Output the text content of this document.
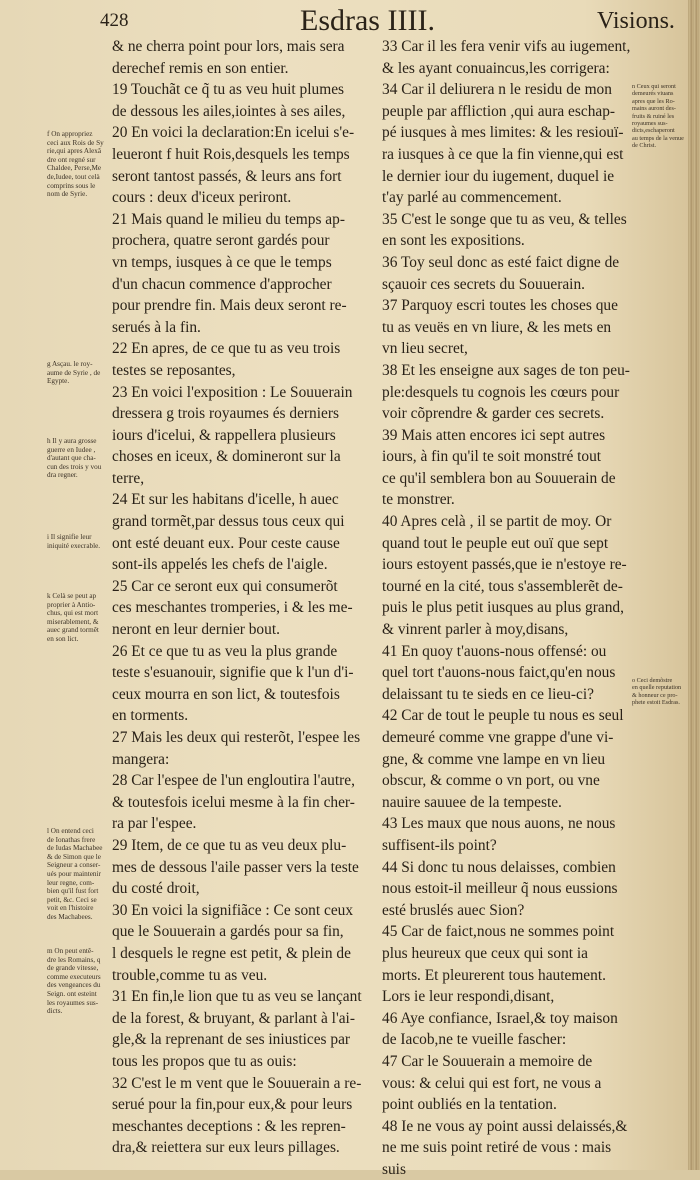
428	Esdras IIII.	Visions.
& ne cherra point pour lors, mais sera
derechef remis en son entier.
19 Touchãt ce q̃ tu as veu huit plumes
de dessous les ailes,iointes à ses ailes,
20 En voici la declaration:En icelui s'e-
leueront f huit Rois,desquels les temps
seront tantost passés, & leurs ans fort
cours : deux d'iceux periront.
21 Mais quand le milieu du temps ap-
prochera, quatre seront gardés pour
vn temps, iusques à ce que le temps
d'un chacun commence d'approcher
pour prendre fin. Mais deux seront re-
serués à la fin.
22 En apres, de ce que tu as veu trois
testes se reposantes,
23 En voici l'exposition : Le Souuerain
dressera g trois royaumes és derniers
iours d'icelui, & rappellera plusieurs
choses en iceux, & domineront sur la
terre,
24 Et sur les habitans d'icelle, h auec
grand tormẽt,par dessus tous ceux qui
ont esté deuant eux. Pour ceste cause
sont-ils appelés les chefs de l'aigle.
25 Car ce seront eux qui consumerõt
ces meschantes tromperies, i & les me-
neront en leur dernier bout.
26 Et ce que tu as veu la plus grande
teste s'esuanouir, signifie que k l'un d'i-
ceux mourra en son lict, & toutesfois
en torments.
27 Mais les deux qui resterõt, l'espee les
mangera:
28 Car l'espee de l'un engloutira l'autre,
& toutesfois icelui mesme à la fin cher-
ra par l'espee.
29 Item, de ce que tu as veu deux plu-
mes de dessous l'aile passer vers la teste
du costé droit,
30 En voici la signifiãce : Ce sont ceux
que le Souuerain a gardés pour sa fin,
l desquels le regne est petit, & plein de
trouble,comme tu as veu.
31 En fin,le lion que tu as veu se lançant
de la forest, & bruyant, & parlant à l'ai-
gle,& la reprenant de ses iniustices par
tous les propos que tu as ouis:
32 C'est le m vent que le Souuerain a re-
serué pour la fin,pour eux,& pour leurs
meschantes deceptions : & les repren-
dra,& reiettera sur eux leurs pillages.
33 Car il les fera venir vifs au iugement,
& les ayant conuaincus,les corrigera:
34 Car il deliurera n le residu de mon
peuple par affliction ,qui aura eschap-
pé iusques à mes limites: & les resiouï-
ra iusques à ce que la fin vienne,qui est
le dernier iour du iugement, duquel ie
t'ay parlé au commencement.
35 C'est le songe que tu as veu, & telles
en sont les expositions.
36 Toy seul donc as esté faict digne de
sçauoir ces secrets du Souuerain.
37 Parquoy escri toutes les choses que
tu as veuës en vn liure, & les mets en
vn lieu secret,
38 Et les enseigne aux sages de ton peu-
ple:desquels tu cognois les cœurs pour
voir cõprendre & garder ces secrets.
39 Mais atten encores ici sept autres
iours, à fin qu'il te soit monstré tout
ce qu'il semblera bon au Souuerain de
te monstrer.
40 Apres celà , il se partit de moy. Or
quand tout le peuple eut ouï que sept
iours estoyent passés,que ie n'estoye re-
tourné en la cité, tous s'assemblerẽt de-
puis le plus petit iusques au plus grand,
& vinrent parler à moy,disans,
41 En quoy t'auons-nous offensé: ou
quel tort t'auons-nous faict,qu'en nous
delaissant tu te sieds en ce lieu-ci?
42 Car de tout le peuple tu nous es seul
demeuré comme vne grappe d'une vi-
gne, & comme vne lampe en vn lieu
obscur, & comme o vn port, ou vne
nauire sauuee de la tempeste.
43 Les maux que nous auons, ne nous
suffisent-ils point?
44 Si donc tu nous delaisses, combien
nous estoit-il meilleur q̃ nous eussions
esté bruslés auec Sion?
45 Car de faict,nous ne sommes point
plus heureux que ceux qui sont ia
morts. Et pleurerent tous hautement.
Lors ie leur respondi,disant,
46 Aye confiance, Israel,& toy maison
de Iacob,ne te vueille fascher:
47 Car le Souuerain a memoire de
vous: & celui qui est fort, ne vous a
point oubliés en la tentation.
48 Ie ne vous ay point aussi delaissés,&
ne me suis point retiré de vous : mais
suis
f On appropriez
ceci aux Rois de Sy
rie,qui apres Alexã
dre ont regné sur
Chaldee, Perse,Me
de,Iudee, tout celà
comprins sous le
nom de Syrie.
g Asçau. le roy-
aume de Syrie , de
Egypte.
h Il y aura grosse
guerre en Iudee ,
d'autant que cha-
cun des trois y vou
dra regner.
i Il signifie leur
iniquité execrable.
k Celà se peut ap
proprier à Antio-
chus, qui est mort
miserablement, &
auec grand tormẽt
en son lict.
l On entend ceci
de Ionathas frere
de Iudas Machabee
& de Simon que le
Seigneur a conser-
ués pour maintenir
leur regne, com-
bien qu'il fust fort
petit, &c. Ceci se
voit en l'histoire
des Machabees.
m On peut entẽ-
dre les Romains, q
de grande vitesse,
comme executeurs
des vengeances du
Seign. ont esteint
les royaumes sus-
dicts.
n Ceux qui seront
demeurés viuans
apres que les Ro-
mains auront des-
fruits & ruiné les
royaumes sus-
dicts,eschaperont
au temps de la venue
de Christ.
o Ceci demõstre
en quelle reputation
& honneur ce pro-
phete estoit Esdras.
